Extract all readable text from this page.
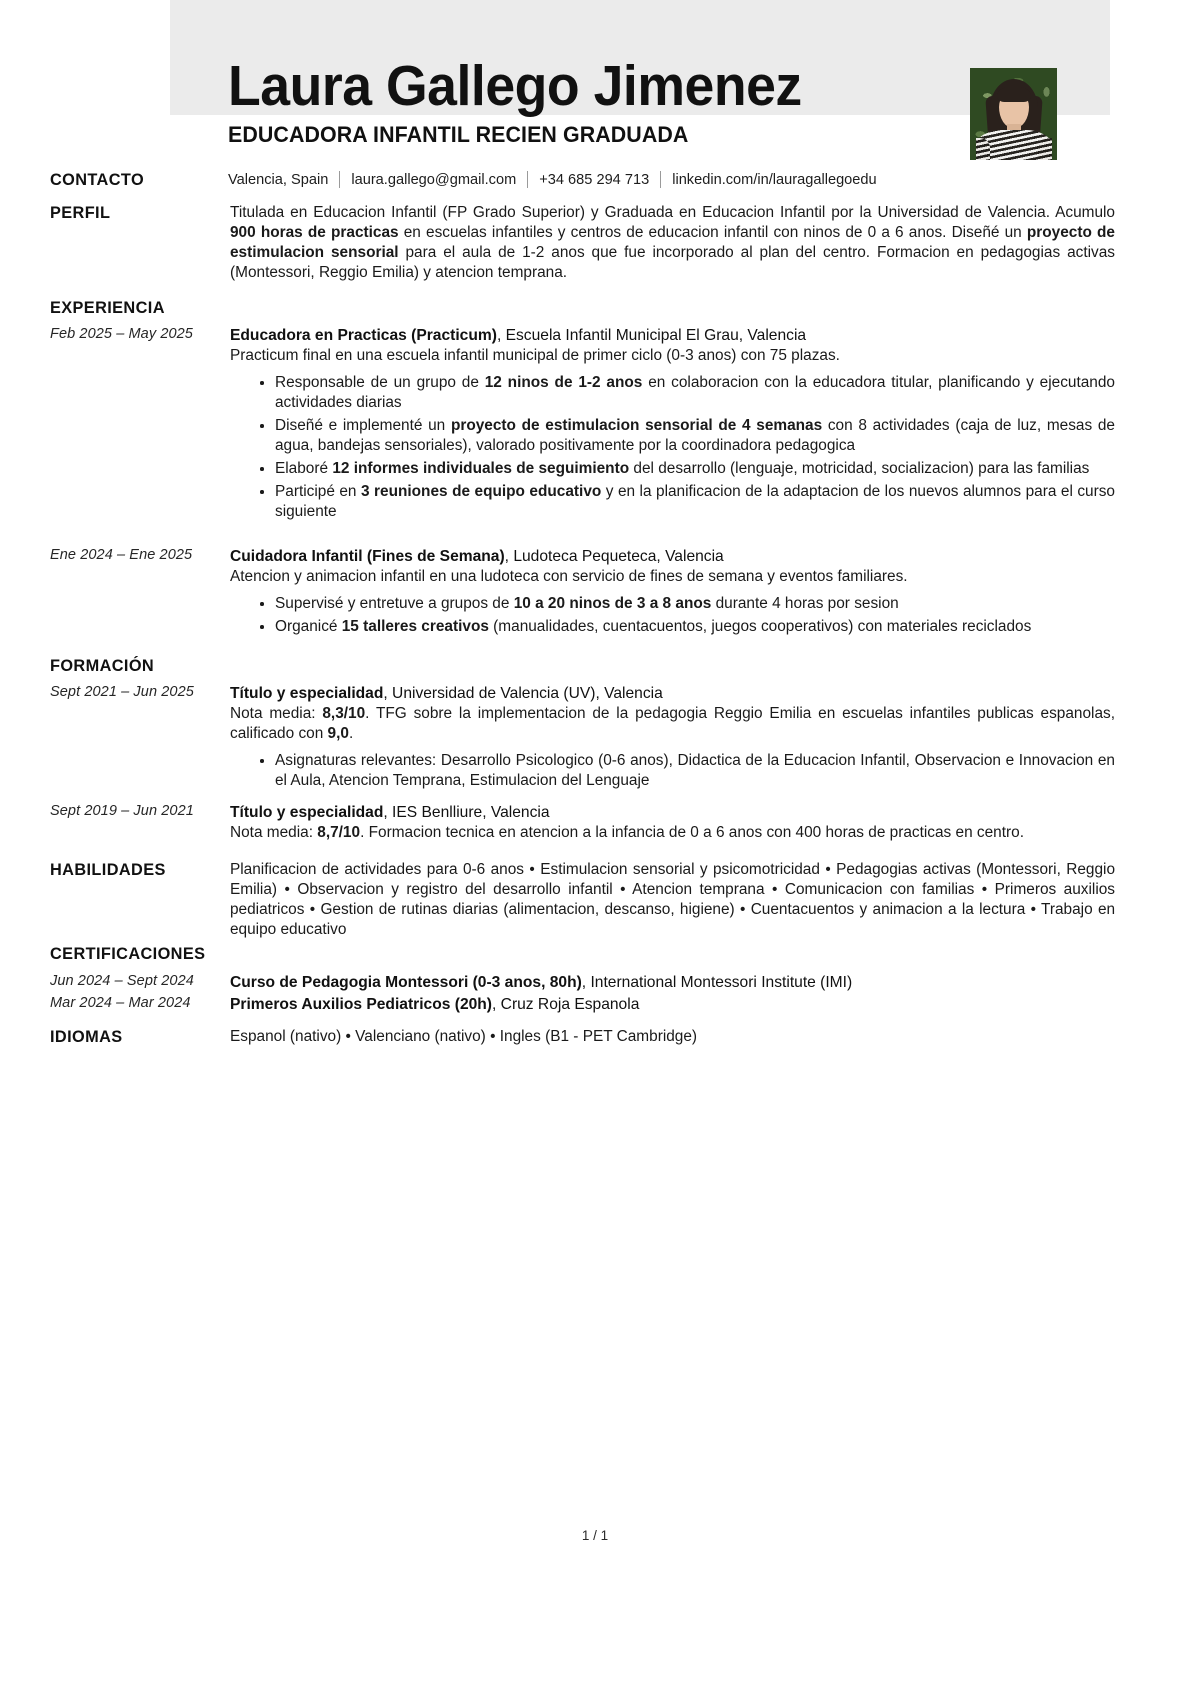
Laura Gallego Jimenez
EDUCADORA INFANTIL RECIEN GRADUADA
CONTACTO	Valencia, Spain laura.gallego@gmail.com +34 685 294 713 linkedin.com/in/lauragallegoedu
PERFIL	Titulada en Educacion Infantil (FP Grado Superior) y Graduada en Educacion Infantil por la Universidad de Valencia. Acumulo 900 horas de practicas en escuelas infantiles y centros de educacion infantil con ninos de 0 a 6 anos. Diseñé un proyecto de estimulacion sensorial para el aula de 1-2 anos que fue incorporado al plan del centro. Formacion en pedagogias activas (Montessori, Reggio Emilia) y atencion temprana.
EXPERIENCIA
Feb 2025 – May 2025	Educadora en Practicas (Practicum), Escuela Infantil Municipal El Grau, Valencia
Practicum final en una escuela infantil municipal de primer ciclo (0-3 anos) con 75 plazas.
Responsable de un grupo de 12 ninos de 1-2 anos en colaboracion con la educadora titular, planificando y ejecutando actividades diarias
Diseñé e implementé un proyecto de estimulacion sensorial de 4 semanas con 8 actividades (caja de luz, mesas de agua, bandejas sensoriales), valorado positivamente por la coordinadora pedagogica
Elaboré 12 informes individuales de seguimiento del desarrollo (lenguaje, motricidad, socializacion) para las familias
Participé en 3 reuniones de equipo educativo y en la planificacion de la adaptacion de los nuevos alumnos para el curso siguiente
Ene 2024 – Ene 2025	Cuidadora Infantil (Fines de Semana), Ludoteca Pequeteca, Valencia
Atencion y animacion infantil en una ludoteca con servicio de fines de semana y eventos familiares.
Supervisé y entretuve a grupos de 10 a 20 ninos de 3 a 8 anos durante 4 horas por sesion
Organicé 15 talleres creativos (manualidades, cuentacuentos, juegos cooperativos) con materiales reciclados
FORMACIÓN
Sept 2021 – Jun 2025	Título y especialidad, Universidad de Valencia (UV), Valencia
Nota media: 8,3/10. TFG sobre la implementacion de la pedagogia Reggio Emilia en escuelas infantiles publicas espanolas, calificado con 9,0.
Asignaturas relevantes: Desarrollo Psicologico (0-6 anos), Didactica de la Educacion Infantil, Observacion e Innovacion en el Aula, Atencion Temprana, Estimulacion del Lenguaje
Sept 2019 – Jun 2021	Título y especialidad, IES Benlliure, Valencia
Nota media: 8,7/10. Formacion tecnica en atencion a la infancia de 0 a 6 anos con 400 horas de practicas en centro.
HABILIDADES	Planificacion de actividades para 0-6 anos • Estimulacion sensorial y psicomotricidad • Pedagogias activas (Montessori, Reggio Emilia) • Observacion y registro del desarrollo infantil • Atencion temprana • Comunicacion con familias • Primeros auxilios pediatricos • Gestion de rutinas diarias (alimentacion, descanso, higiene) • Cuentacuentos y animacion a la lectura • Trabajo en equipo educativo
CERTIFICACIONES
Jun 2024 – Sept 2024	Curso de Pedagogia Montessori (0-3 anos, 80h), International Montessori Institute (IMI)
Mar 2024 – Mar 2024	Primeros Auxilios Pediatricos (20h), Cruz Roja Espanola
IDIOMAS	Espanol (nativo) • Valenciano (nativo) • Ingles (B1 - PET Cambridge)
1 / 1
